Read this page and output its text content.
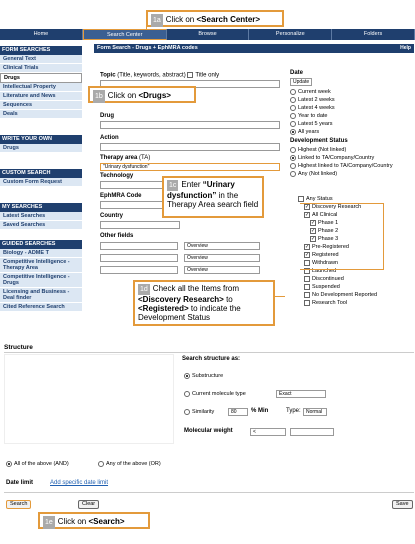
1a Click on <Search Center>
Home	Search Center	Browse	Personalize	Folders
FORM SEARCHES
General Text
Clinical Trials
Drugs
Intellectual Property
Literature and News
Sequences
Deals
WRITE YOUR OWN
Drugs
CUSTOM SEARCH
Custom Form Request
MY SEARCHES
Latest Searches
Saved Searches
GUIDED SEARCHES
Biology - ADME T
Competitive Intelligence - Therapy Area
Competitive Intelligence - Drugs
Licensing and Business - Deal finder
Cited Reference Search
Form Search - Drugs + EphMRA codes	Help
Topic (Title, keywords, abstract) Title only
1b Click on <Drugs>
Drug
Action
Therapy area (TA)
"Urinary dysfunction"
Technology
EphMRA Code
Country
Other fields
Overview
Overview
Overview
1c Enter “Urinary dysfunction” in the Therapy Area search field
1d Check all the Items from <Discovery Research> to <Registered> to indicate the Development Status
Date
Update
Current week
Latest 2 weeks
Latest 4 weeks
Year to date
Latest 5 years
All years
Development Status
Highest (Not linked)
Linked to TA/Company/Country
Highest linked to TA/Company/Country
Any (Not linked)
Any Status
✓ Discovery Research
✓ All Clinical
✓ Phase 1
✓ Phase 2
✓ Phase 3
✓ Pre-Registered
✓ Registered
Withdrawn
Launched
Discontinued
Suspended
No Development Reported
Research Tool
Structure
Search structure as:
Substructure
Current molecule type	Exact
Similarity	80	% Min	Type:	Normal
Molecular weight	<
All of the above (AND)	Any of the above (OR)
Date limit	Add specific date limit
Search	Clear	Save
1e Click on <Search>
